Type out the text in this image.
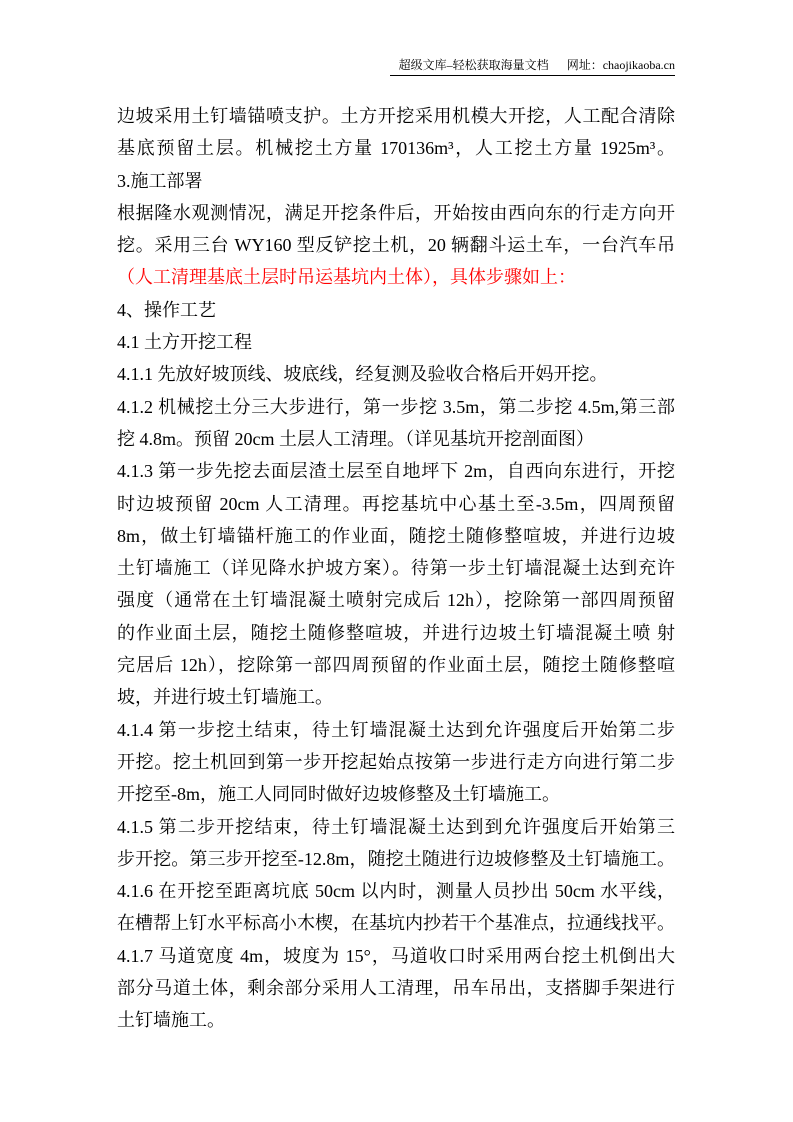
超级文库–轻松获取海量文档 网址：chaojikaoba.cn
边坡采用土钉墙锚喷支护。土方开挖采用机模大开挖，人工配合清除
基底预留土层。机械挖土方量 170136m³，人工挖土方量 1925m³。
3.施工部署
根据隆水观测情况，满足开挖条件后，开始按由西向东的行走方向开
挖。采用三台 WY160 型反铲挖土机，20 辆翻斗运土车，一台汽车吊
（人工清理基底土层时吊运基坑内土体），具体步骤如上：
4、操作工艺
4.1 土方开挖工程
4.1.1 先放好坡顶线、坡底线，经复测及验收合格后开妈开挖。
4.1.2 机械挖土分三大步进行，第一步挖 3.5m，第二步挖 4.5m,第三部
挖 4.8m。预留 20cm 土层人工清理。（详见基坑开挖剖面图）
4.1.3 第一步先挖去面层渣土层至自地坪下 2m，自西向东进行，开挖
时边坡预留 20cm 人工清理。再挖基坑中心基土至-3.5m，四周预留
8m，做土钉墙锚杆施工的作业面，随挖土随修整喧坡，并进行边坡
土钉墙施工（详见降水护坡方案）。待第一步土钉墙混凝土达到充许
强度（通常在土钉墙混凝土喷射完成后 12h），挖除第一部四周预留
的作业面土层，随挖土随修整喧坡，并进行边坡土钉墙混凝土喷 射
完居后 12h），挖除第一部四周预留的作业面土层，随挖土随修整喧
坡，并进行坡土钉墙施工。
4.1.4 第一步挖土结束，待土钉墙混凝土达到允许强度后开始第二步
开挖。挖土机回到第一步开挖起始点按第一步进行走方向进行第二步
开挖至-8m，施工人同同时做好边坡修整及土钉墙施工。
4.1.5 第二步开挖结束，待土钉墙混凝土达到到允许强度后开始第三
步开挖。第三步开挖至-12.8m，随挖土随进行边坡修整及土钉墙施工。
4.1.6 在开挖至距离坑底 50cm 以内时，测量人员抄出 50cm 水平线，
在槽帮上钉水平标高小木楔，在基坑内抄若干个基准点，拉通线找平。
4.1.7 马道宽度 4m，坡度为 15°，马道收口时采用两台挖土机倒出大
部分马道土体，剩余部分采用人工清理，吊车吊出，支搭脚手架进行
土钉墙施工。
